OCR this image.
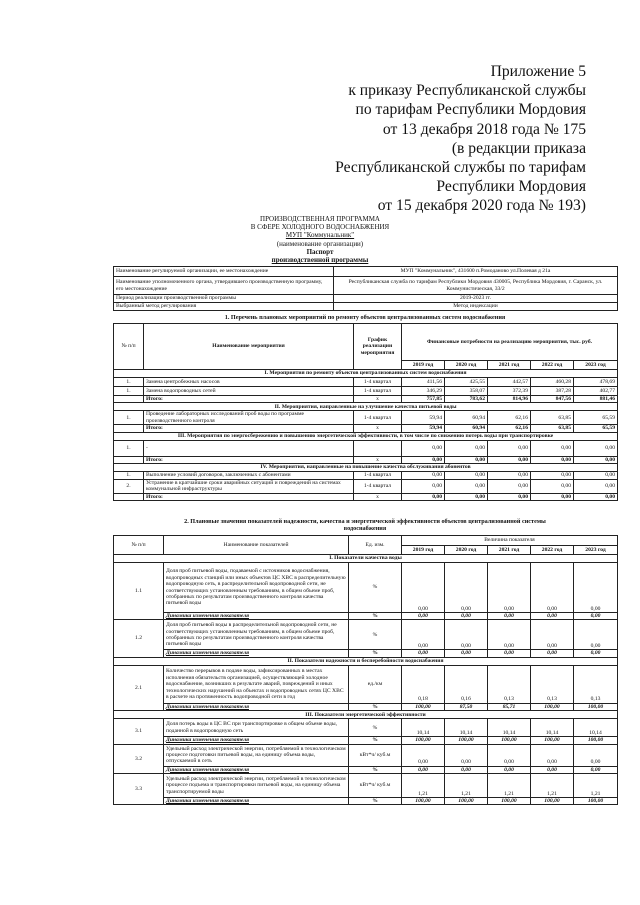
Приложение 5
к приказу Республиканской службы
по тарифам Республики Мордовия
от 13 декабря 2018 года № 175
(в редакции приказа
Республиканской службы по тарифам
Республики Мордовия
от 15 декабря 2020 года № 193)
ПРОИЗВОДСТВЕННАЯ ПРОГРАММА
В СФЕРЕ ХОЛОДНОГО ВОДОСНАБЖЕНИЯ
МУП "Коммунальник"
(наименование организации)
Паспорт
производственной программы
Наименование регулируемой организации, ее местонахождение	МУП "Коммунальник", 431600 п.Ромоданово ул.Полевая д 21а
Наименование уполномоченного органа, утвердившего производственную программу, его местонахождение	Республиканская служба по тарифам Республики Мордовия 430005, Республика Мордовия, г. Саранск, ул. Коммунистическая, 33/2
Период реализации производственной программы	2019-2023 гг.
Выбранный метод регулирования	Метод индексации
1. Перечень плановых мероприятий по ремонту объектов централизованных систем водоснабжения
№ п/п	Наименование мероприятия	График реализации мероприятия	Финансовые потребности на реализацию мероприятия, тыс. руб.				
			2019 год	2020 год	2021 год	2022 год	2023 год
I. Мероприятия по ремонту объектов централизованных систем водоснабжения							
1.	Замена центробежных насосов	1-4 квартал	411,56	425,55	442,57	460,28	478,69
1.	Замена водопроводных сетей	1-4 квартал	346,29	358,07	372,39	387,28	402,77
	Итого:	x	757,85	783,62	814,96	847,56	881,46
II. Мероприятия, направленные на улучшение качества питьевой воды							
1.	Проведение лабораторных исследований проб воды по программе производственного контроля	1-4 квартал	59,94	60,94	62,16	63,85	65,59
	Итого:	x	59,94	60,94	62,16	63,85	65,59
III. Мероприятия по энергосбережению и повышению энергетической эффективности, в том числе по снижению потерь воды при транспортировке							
1.	-		0,00	0,00	0,00	0,00	0,00
	Итого:	x	0,00	0,00	0,00	0,00	0,00
IV. Мероприятия, направленные на повышение качества обслуживания абонентов							
1.	Выполнение условий договоров, заключенных с абонентами	1-4 квартал	0,00	0,00	0,00	0,00	0,00
2.	Устранение в кратчайшие сроки аварийных ситуаций и повреждений на системах коммунальной инфраструктуры	1-4 квартал	0,00	0,00	0,00	0,00	0,00
	Итого:	x	0,00	0,00	0,00	0,00	0,00
2. Плановые значения показателей надежности, качества и энергетической эффективности объектов централизованной системы
водоснабжения
№ п/п	Наименование показателей	Ед. изм.	Величина показателя				
			2019 год	2020 год	2021 год	2022 год	2023 год
I. Показатели качества воды							
1.1	Доля проб питьевой воды, подаваемой с источников водоснабжения, водопроводных станций или иных объектов ЦС ХВС в распределительную водопроводную сеть, в распределительной водопроводной сети, не соответствующих установленным требованиям, в общем объеме проб, отобранных по результатам производственного контроля качества питьевой воды	%	0,00	0,00	0,00	0,00	0,00
	Динамика изменения показателя	%	0,00	0,00	0,00	0,00	0,00
1.2	Доля проб питьевой воды в распределительной водопроводной сети, не соответствующих установленным требованиям, в общем объеме проб, отобранных по результатам производственного контроля качества питьевой воды	%	0,00	0,00	0,00	0,00	0,00
	Динамика изменения показателя	%	0,00	0,00	0,00	0,00	0,00
II. Показатели надежности и бесперебойности водоснабжения							
2.1	Количество перерывов в подаче воды, зафиксированных в местах исполнения обязательств организацией, осуществляющей холодное водоснабжение, возникших в результате аварий, повреждений и иных технологических нарушений на объектах и водопроводных сетях ЦС ХВС в расчете на протяженность водопроводной сети в год	ед./км	0,18	0,16	0,13	0,13	0,13
	Динамика изменения показателя	%	100,00	87,50	85,71	100,00	100,00
III. Показатели энергетической эффективности							
3.1	Доля потерь воды в ЦС ВС при транспортировке в общем объеме воды, поданной в водопроводную сеть	%	10,14	10,14	10,14	10,14	10,14
	Динамика изменения показателя	%	100,00	100,00	100,00	100,00	100,00
3.2	Удельный расход электрической энергии, потребляемой в технологическом процессе подготовки питьевой воды, на единицу объема воды, отпускаемой в сеть	кВт*ч/ куб.м	0,00	0,00	0,00	0,00	0,00
	Динамика изменения показателя	%	0,00	0,00	0,00	0,00	0,00
3.3	Удельный расход электрической энергии, потребляемой в технологическом процессе подъема и транспортировки питьевой воды, на единицу объема транспортируемой воды	кВт*ч/ куб.м	1,21	1,21	1,21	1,21	1,21
	Динамика изменения показателя	%	100,00	100,00	100,00	100,00	100,00
